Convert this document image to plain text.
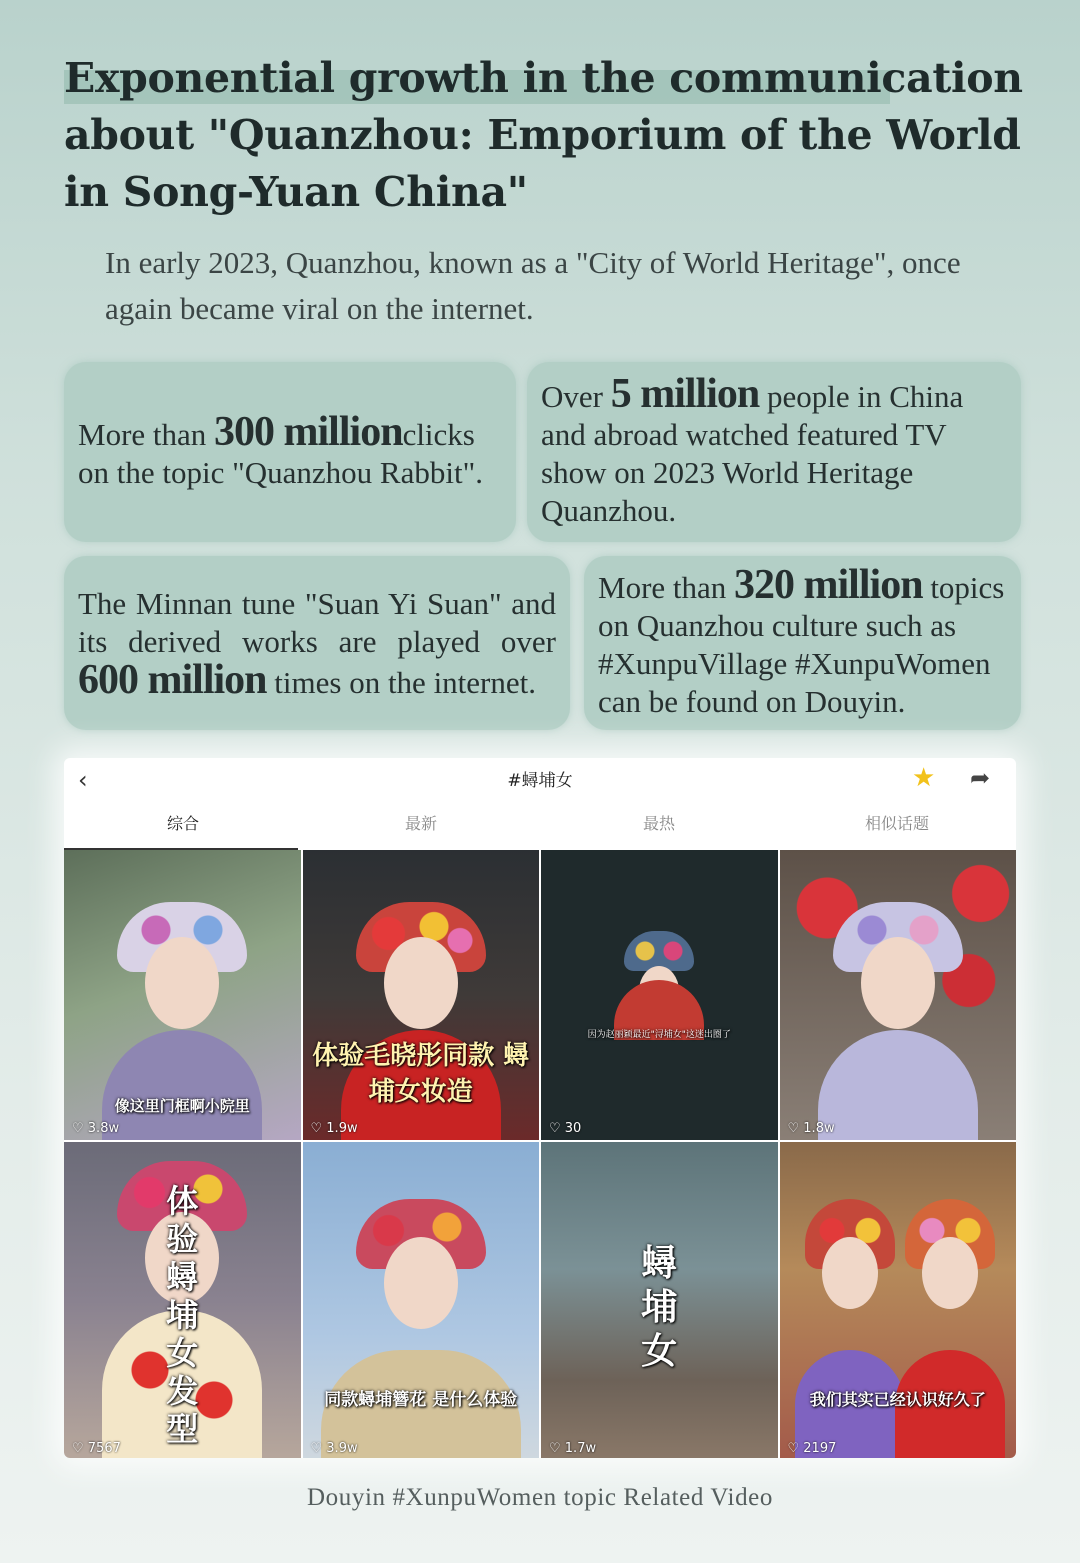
Exponential growth in the communication about "Quanzhou: Emporium of the World in Song-Yuan China"

In early 2023, Quanzhou, known as a "City of World Heritage", once again became viral on the internet.

More than 300 millionclicks on the topic "Quanzhou Rabbit".

Over 5 million people in China and abroad watched featured TV show on 2023 World Heritage Quanzhou.

The Minnan tune "Suan Yi Suan" and its derived works are played over 600 million times on the internet.

More than 320 million topics on Quanzhou culture such as #XunpuVillage #XunpuWomen can be found on Douyin.

‹	#蟳埔女	★ ➦
综合	最新	最热	相似话题
像这里门框啊小院里
♡ 3.8w
体验毛晓彤同款 蟳埔女妆造
♡ 1.9w
因为赵丽颖最近"浔埔女"这迷出圈了
♡ 30	♡ 1.8w
体验蟳埔女发型
♡ 7567
同款蟳埔簪花 是什么体验
♡ 3.9w
蟳埔女
♡ 1.7w
我们其实已经认识好久了
♡ 2197

Douyin #XunpuWomen topic Related Video
